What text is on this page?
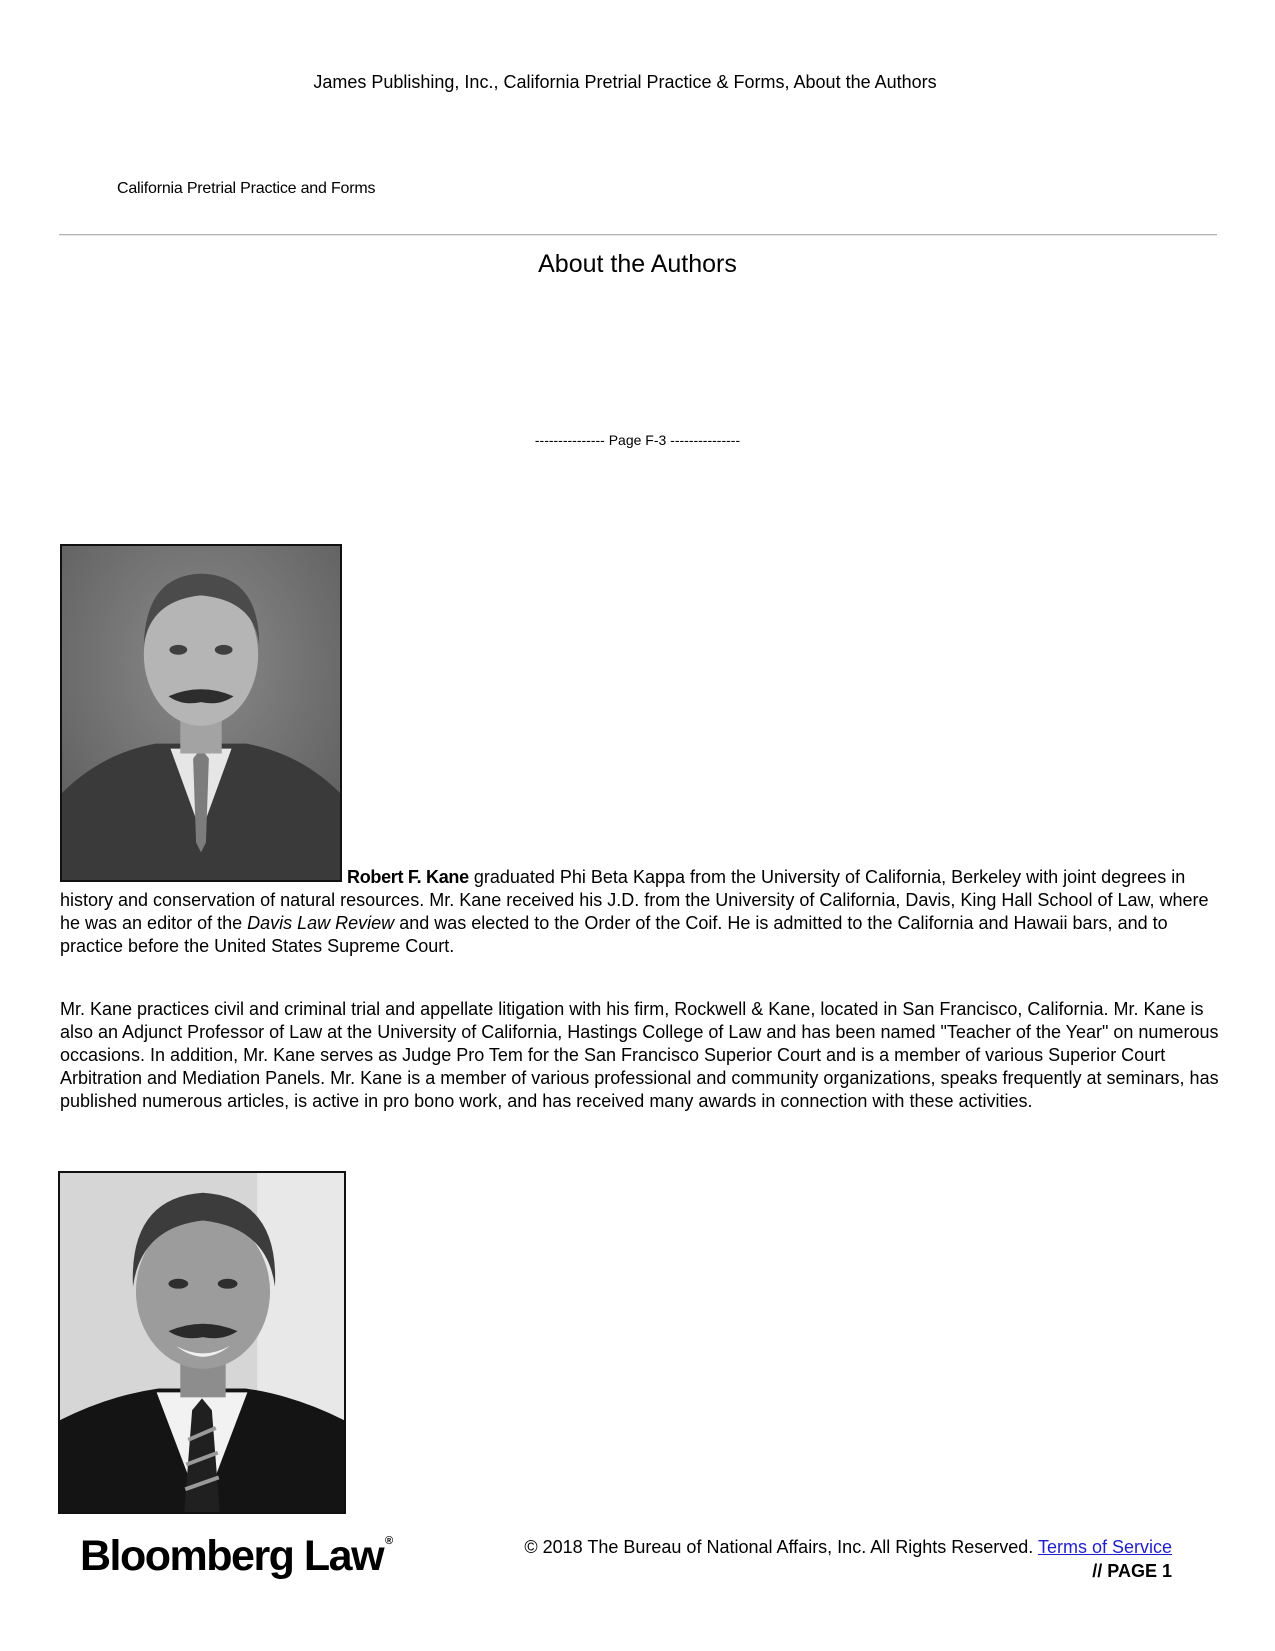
James Publishing, Inc., California Pretrial Practice & Forms, About the Authors
California Pretrial Practice and Forms
About the Authors
--------------- Page F-3 ---------------
Robert F. Kane graduated Phi Beta Kappa from the University of California, Berkeley with joint degrees in history and conservation of natural resources. Mr. Kane received his J.D. from the University of California, Davis, King Hall School of Law, where he was an editor of the Davis Law Review and was elected to the Order of the Coif. He is admitted to the California and Hawaii bars, and to practice before the United States Supreme Court.
Mr. Kane practices civil and criminal trial and appellate litigation with his firm, Rockwell & Kane, located in San Francisco, California. Mr. Kane is also an Adjunct Professor of Law at the University of California, Hastings College of Law and has been named "Teacher of the Year" on numerous occasions. In addition, Mr. Kane serves as Judge Pro Tem for the San Francisco Superior Court and is a member of various Superior Court Arbitration and Mediation Panels. Mr. Kane is a member of various professional and community organizations, speaks frequently at seminars, has published numerous articles, is active in pro bono work, and has received many awards in connection with these activities.
Bloomberg Law ®	© 2018 The Bureau of National Affairs, Inc. All Rights Reserved. Terms of Service
// PAGE 1
